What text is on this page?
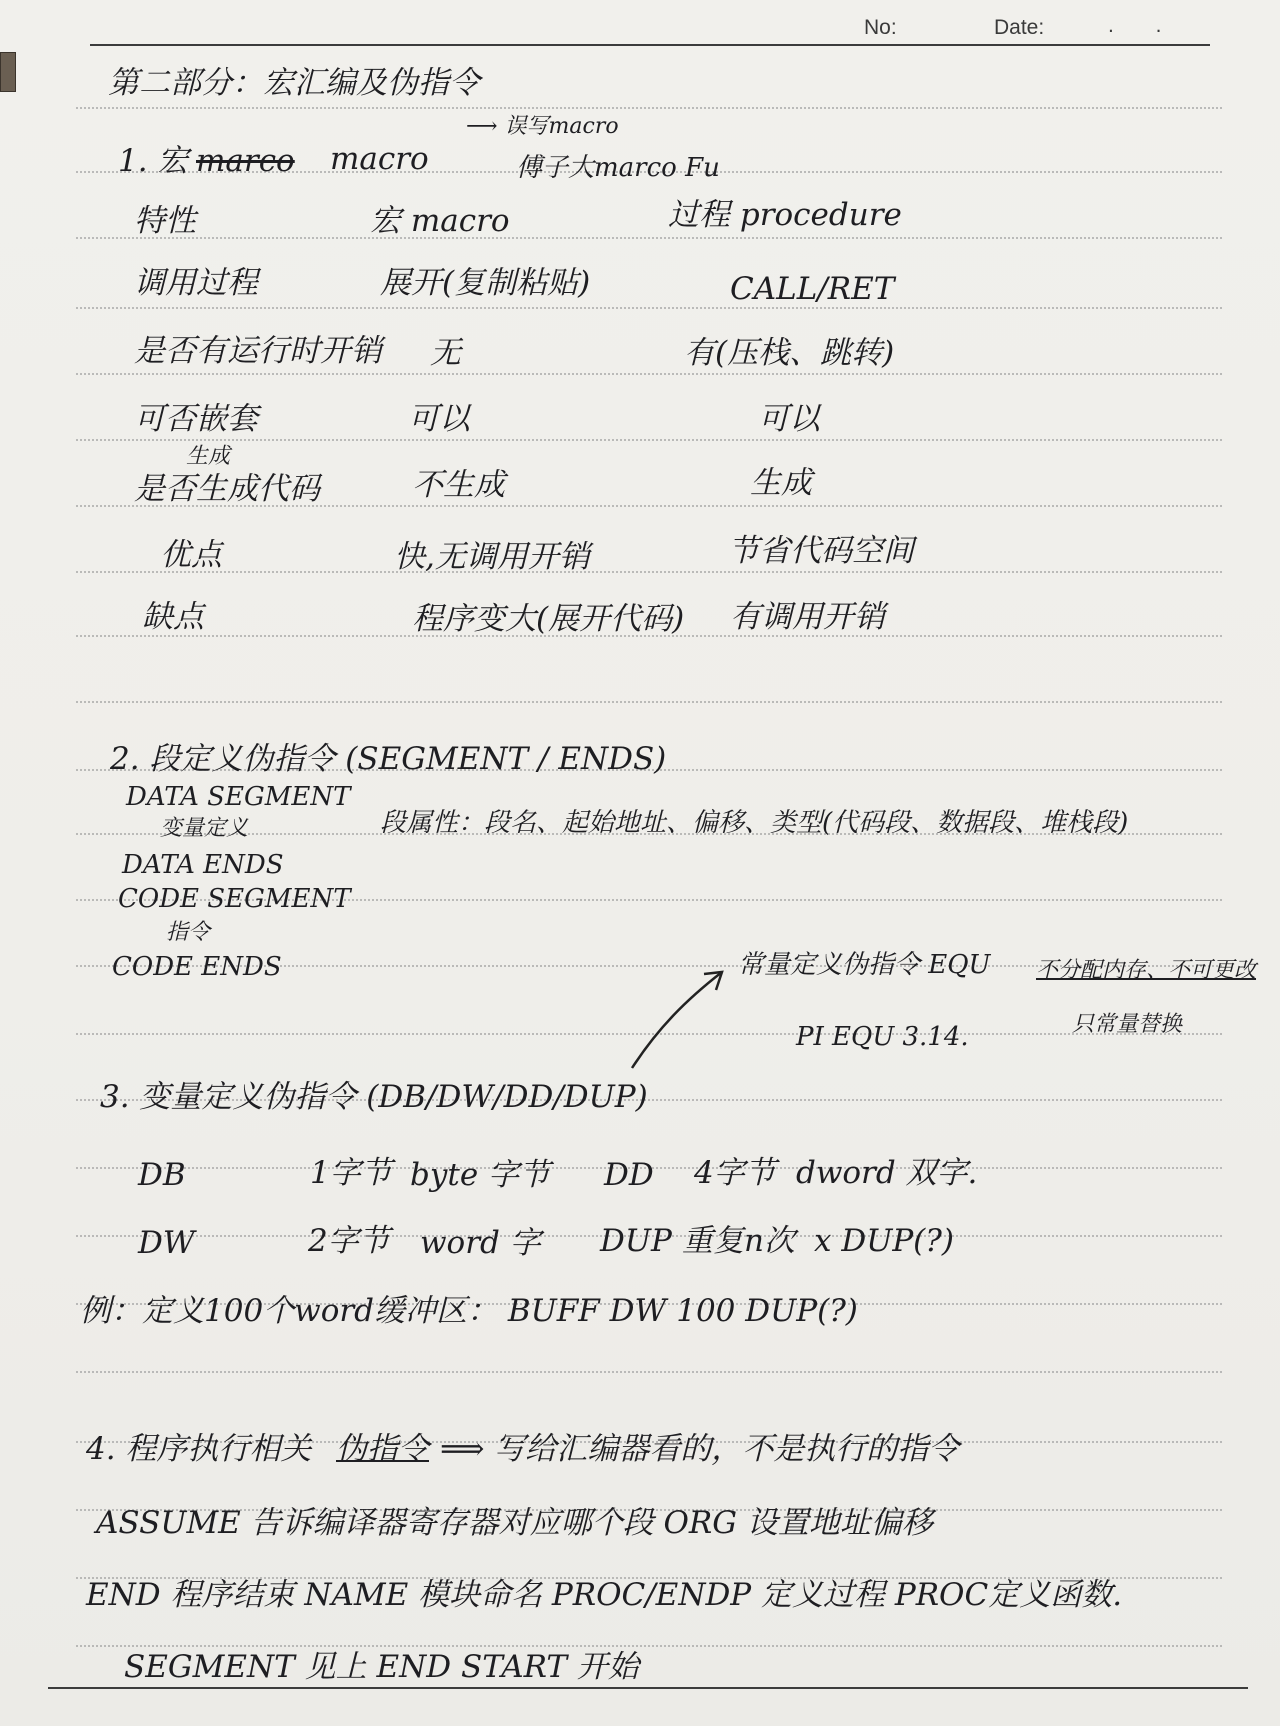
No:	Date:	. .
第二部分：宏汇编及伪指令
1. 宏 marco macro
⟶ 误写macro
傅子大marco Fu
特性	宏 macro	过程 procedure
调用过程	展开(复制粘贴)	CALL/RET
是否有运行时开销 无	有(压栈、跳转)
可否嵌套	可以	可以
生成
是否生成代码	不生成	生成
优点	快,无调用开销	节省代码空间
缺点	程序变大(展开代码) 有调用开销
2. 段定义伪指令 (SEGMENT / ENDS)
DATA SEGMENT
变量定义
DATA ENDS
CODE SEGMENT
指令
CODE ENDS
段属性：段名、起始地址、偏移、类型(代码段、数据段、堆栈段)
常量定义伪指令 EQU 不分配内存、不可更改
PI EQU 3.14.	只常量替换
3. 变量定义伪指令 (DB/DW/DD/DUP)
DB	1字节 byte 字节 DD 4字节 dword 双字.
DW	2字节 word 字 DUP 重复n次 x DUP(?)
例：定义100个word缓冲区： BUFF DW 100 DUP(?)
4. 程序执行相关 伪指令 ⟹ 写给汇编器看的，不是执行的指令
ASSUME 告诉编译器寄存器对应哪个段 ORG 设置地址偏移
END 程序结束 NAME 模块命名 PROC/ENDP 定义过程 PROC定义函数.
SEGMENT 见上 END START 开始
